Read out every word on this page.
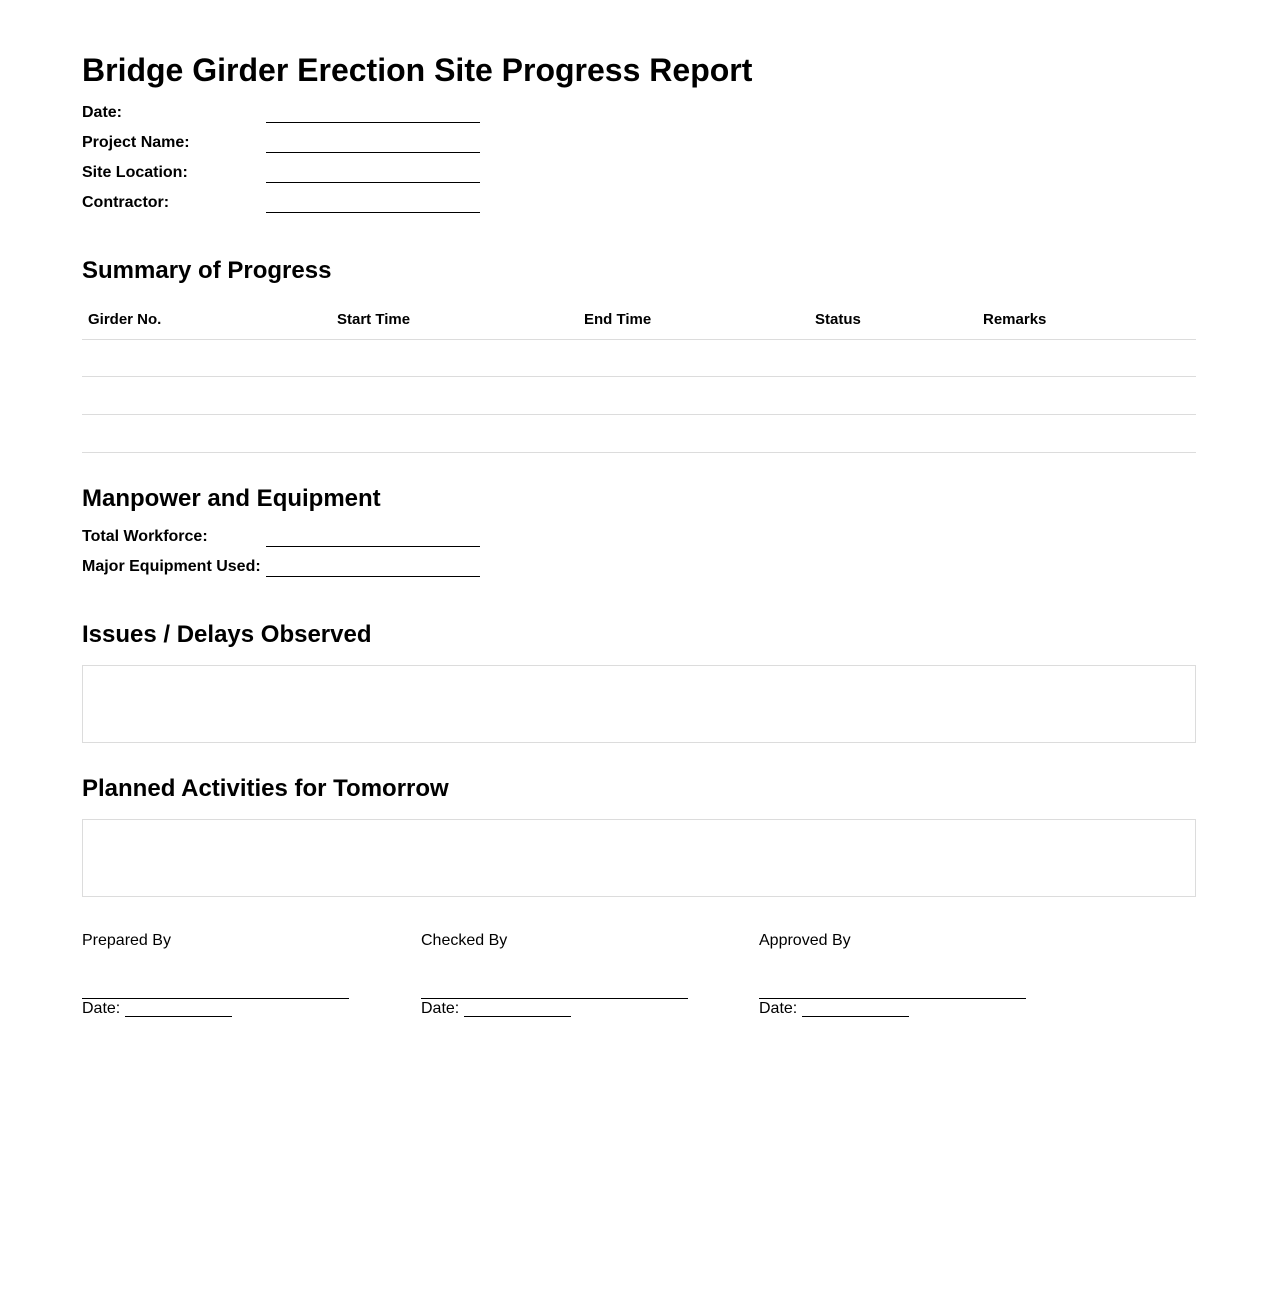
Bridge Girder Erection Site Progress Report
Date:
Project Name:
Site Location:
Contractor:
Summary of Progress
Girder No.	Start Time	End Time	Status	Remarks
Manpower and Equipment
Total Workforce:
Major Equipment Used:
Issues / Delays Observed
Planned Activities for Tomorrow
Prepared By
Date:
Checked By
Date:
Approved By
Date:
